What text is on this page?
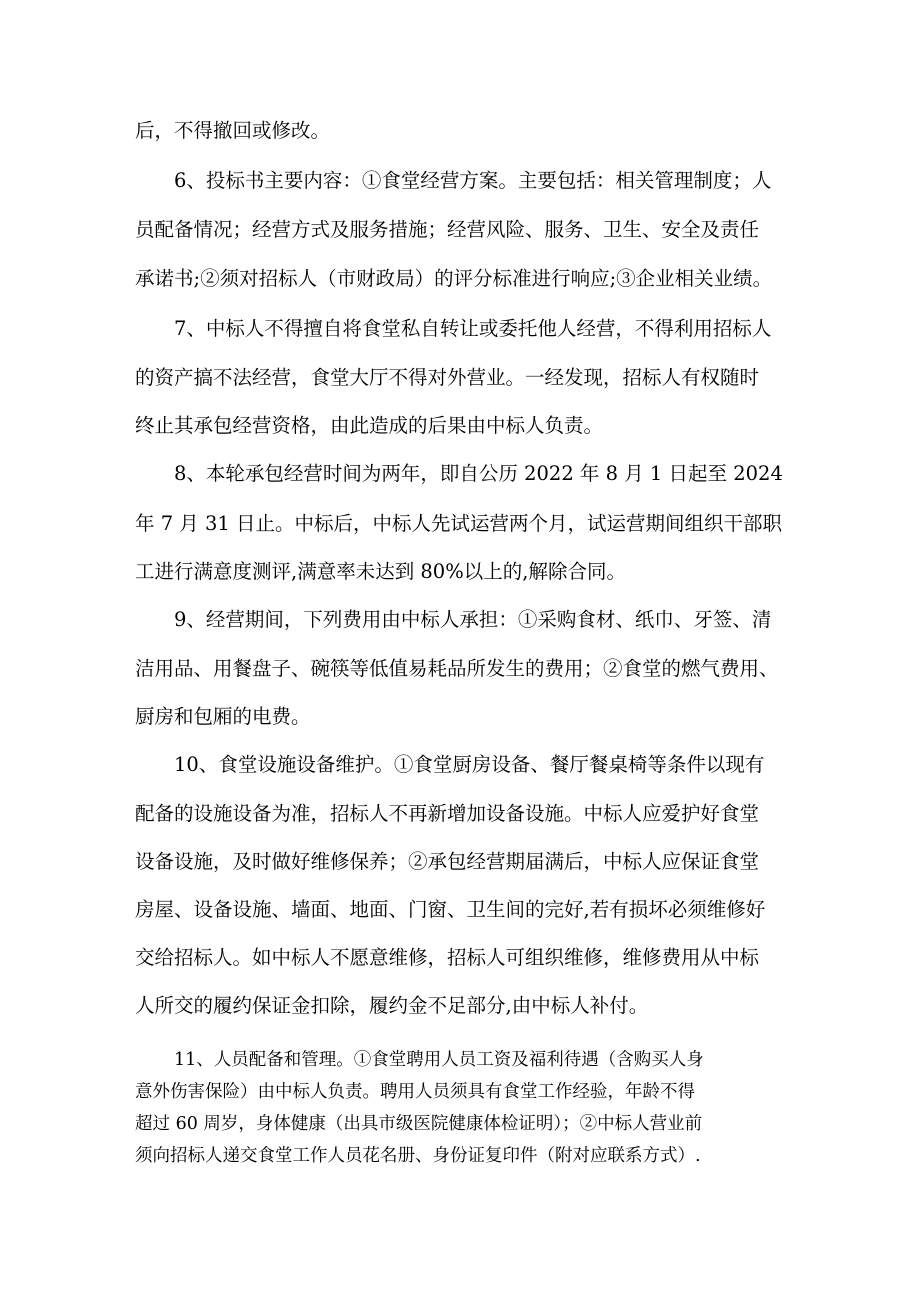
后，不得撤回或修改。
6、投标书主要内容：①食堂经营方案。主要包括：相关管理制度；人
员配备情况；经营方式及服务措施；经营风险、服务、卫生、安全及责任
承诺书;②须对招标人（市财政局）的评分标准进行响应;③企业相关业绩。
7、中标人不得擅自将食堂私自转让或委托他人经营，不得利用招标人
的资产搞不法经营，食堂大厅不得对外营业。一经发现，招标人有权随时
终止其承包经营资格，由此造成的后果由中标人负责。
8、本轮承包经营时间为两年，即自公历 2022 年 8 月 1 日起至 2024
年 7 月 31 日止。中标后，中标人先试运营两个月，试运营期间组织干部职
工进行满意度测评,满意率未达到 80%以上的,解除合同。
9、经营期间，下列费用由中标人承担：①采购食材、纸巾、牙签、清
洁用品、用餐盘子、碗筷等低值易耗品所发生的费用；②食堂的燃气费用、
厨房和包厢的电费。
10、食堂设施设备维护。①食堂厨房设备、餐厅餐桌椅等条件以现有
配备的设施设备为准，招标人不再新增加设备设施。中标人应爱护好食堂
设备设施，及时做好维修保养；②承包经营期届满后，中标人应保证食堂
房屋、设备设施、墙面、地面、门窗、卫生间的完好,若有损坏必须维修好
交给招标人。如中标人不愿意维修，招标人可组织维修，维修费用从中标
人所交的履约保证金扣除，履约金不足部分,由中标人补付。
11、人员配备和管理。①食堂聘用人员工资及福利待遇（含购买人身
意外伤害保险）由中标人负责。聘用人员须具有食堂工作经验，年龄不得
超过 60 周岁，身体健康（出具市级医院健康体检证明）；②中标人营业前
须向招标人递交食堂工作人员花名册、身份证复印件（附对应联系方式）.
